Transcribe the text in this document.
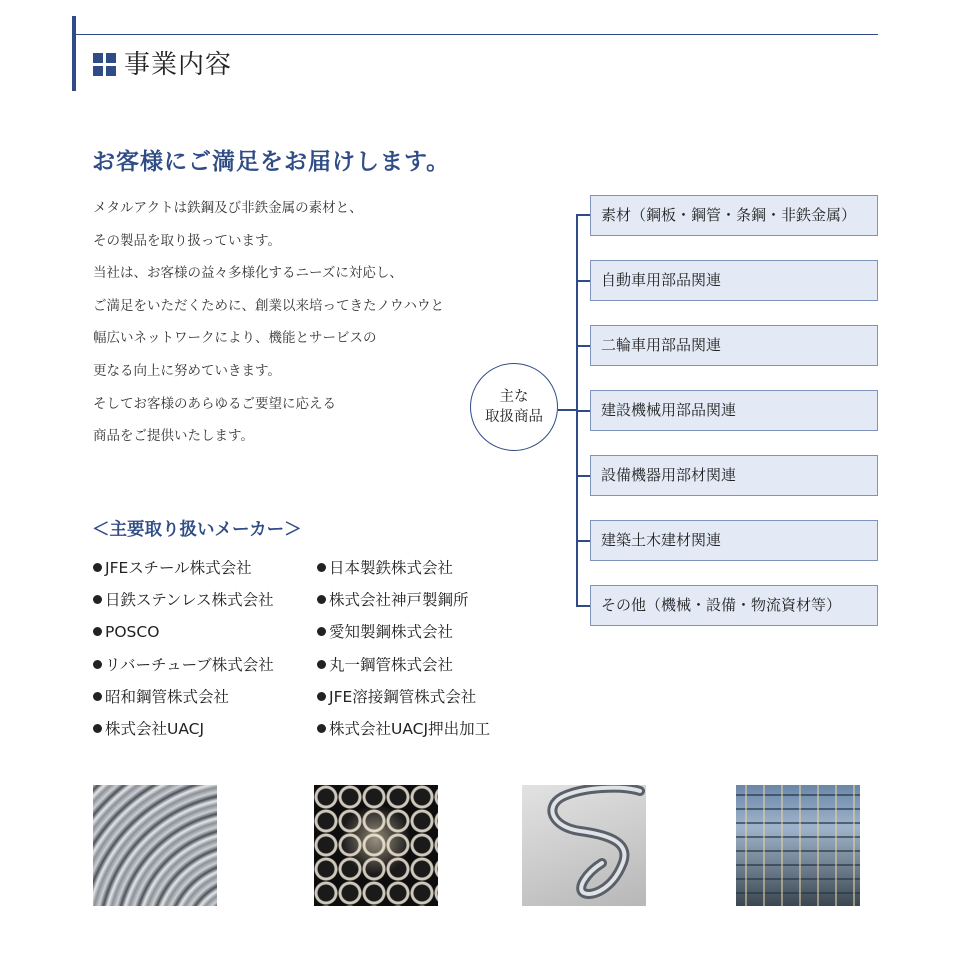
事業内容
お客様にご満足をお届けします。
メタルアクトは鉄鋼及び非鉄金属の素材と、
その製品を取り扱っています。
当社は、お客様の益々多様化するニーズに対応し、
ご満足をいただくために、創業以来培ってきたノウハウと
幅広いネットワークにより、機能とサービスの
更なる向上に努めていきます。
そしてお客様のあらゆるご要望に応える
商品をご提供いたします。
主な
取扱商品
素材（鋼板・鋼管・条鋼・非鉄金属）
自動車用部品関連
二輪車用部品関連
建設機械用部品関連
設備機器用部材関連
建築土木建材関連
その他（機械・設備・物流資材等）
＜主要取り扱いメーカー＞
JFEスチール株式会社
日鉄ステンレス株式会社
POSCO
リバーチューブ株式会社
昭和鋼管株式会社
株式会社UACJ
日本製鉄株式会社
株式会社神戸製鋼所
愛知製鋼株式会社
丸一鋼管株式会社
JFE溶接鋼管株式会社
株式会社UACJ押出加工
